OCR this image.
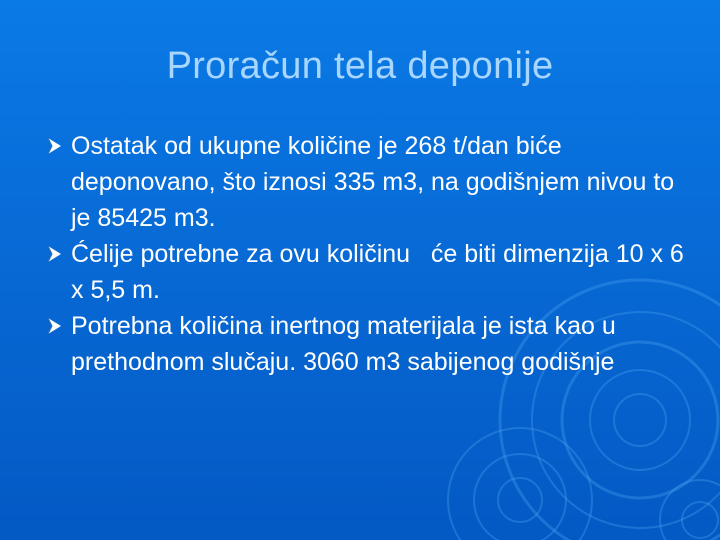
Proračun tela deponije
Ostatak od ukupne količine je 268 t/dan biće deponovano, što iznosi 335 m3, na godišnjem nivou to je 85425 m3.
Ćelije potrebne za ovu količinu   će biti dimenzija 10 x 6 x 5,5 m.
Potrebna količina inertnog materijala je ista kao u prethodnom slučaju. 3060 m3 sabijenog godišnje
